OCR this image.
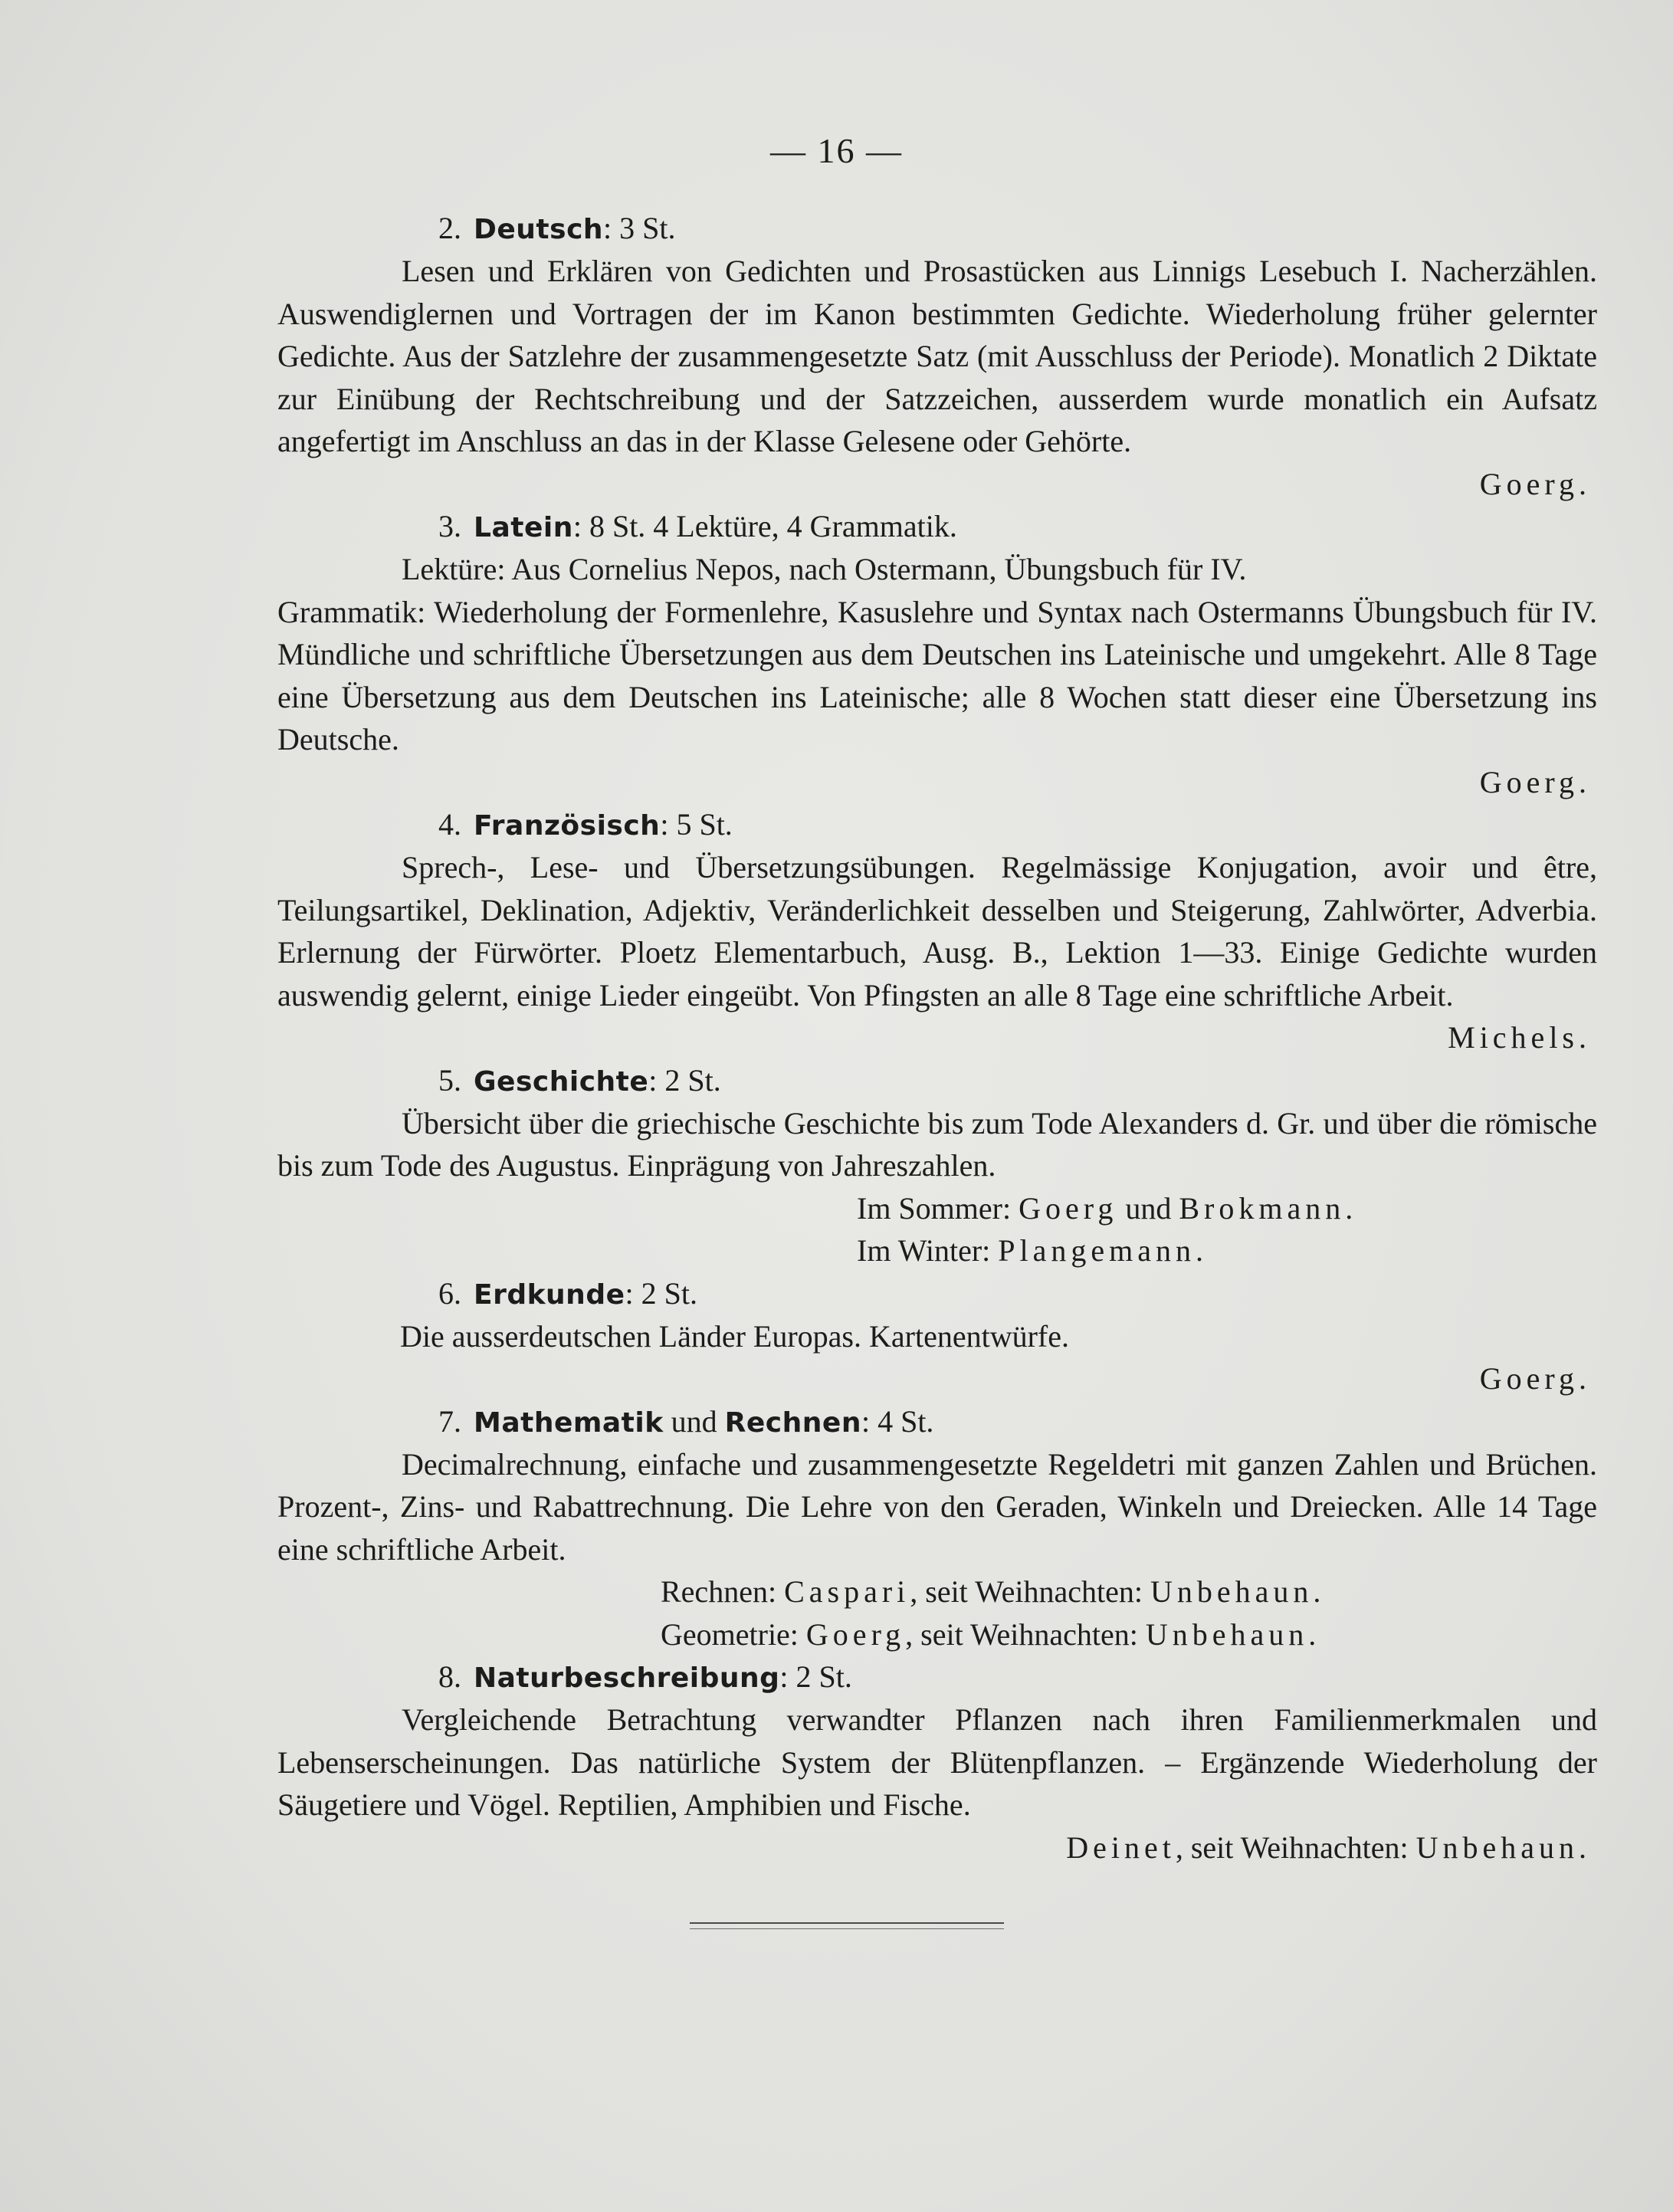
— 16 —
2. Deutsch: 3 St.

Lesen und Erklären von Gedichten und Prosastücken aus Linnigs Lesebuch I. Nacherzählen. Auswendiglernen und Vortragen der im Kanon bestimmten Gedichte. Wiederholung früher gelernter Gedichte. Aus der Satzlehre der zusammengesetzte Satz (mit Ausschluss der Periode). Monatlich 2 Diktate zur Einübung der Rechtschreibung und der Satzzeichen, ausserdem wurde monatlich ein Aufsatz angefertigt im Anschluss an das in der Klasse Gelesene oder Gehörte.

Goerg.
3. Latein: 8 St. 4 Lektüre, 4 Grammatik.

Lektüre: Aus Cornelius Nepos, nach Ostermann, Übungsbuch für IV.

Grammatik: Wiederholung der Formenlehre, Kasuslehre und Syntax nach Ostermanns Übungsbuch für IV. Mündliche und schriftliche Übersetzungen aus dem Deutschen ins Lateinische und umgekehrt. Alle 8 Tage eine Übersetzung aus dem Deutschen ins Lateinische; alle 8 Wochen statt dieser eine Übersetzung ins Deutsche.

Goerg.
4. Französisch: 5 St.

Sprech-, Lese- und Übersetzungsübungen. Regelmässige Konjugation, avoir und être, Teilungsartikel, Deklination, Adjektiv, Veränderlichkeit desselben und Steigerung, Zahlwörter, Adverbia. Erlernung der Fürwörter. Ploetz Elementarbuch, Ausg. B., Lektion 1—33. Einige Gedichte wurden auswendig gelernt, einige Lieder eingeübt. Von Pfingsten an alle 8 Tage eine schriftliche Arbeit.

Michels.
5. Geschichte: 2 St.

Übersicht über die griechische Geschichte bis zum Tode Alexanders d. Gr. und über die römische bis zum Tode des Augustus. Einprägung von Jahreszahlen.

Im Sommer: Goerg und Brokmann.
Im Winter: Plangemann.
6. Erdkunde: 2 St.

Die ausserdeutschen Länder Europas. Kartenentwürfe.

Goerg.
7. Mathematik und Rechnen: 4 St.

Decimalrechnung, einfache und zusammengesetzte Regeldetri mit ganzen Zahlen und Brüchen. Prozent-, Zins- und Rabattrechnung. Die Lehre von den Geraden, Winkeln und Dreiecken. Alle 14 Tage eine schriftliche Arbeit.

Rechnen: Caspari, seit Weihnachten: Unbehaun.
Geometrie: Goerg, seit Weihnachten: Unbehaun.
8. Naturbeschreibung: 2 St.

Vergleichende Betrachtung verwandter Pflanzen nach ihren Familienmerkmalen und Lebenserscheinungen. Das natürliche System der Blütenpflanzen. – Ergänzende Wiederholung der Säugetiere und Vögel. Reptilien, Amphibien und Fische.

Deinet, seit Weihnachten: Unbehaun.
